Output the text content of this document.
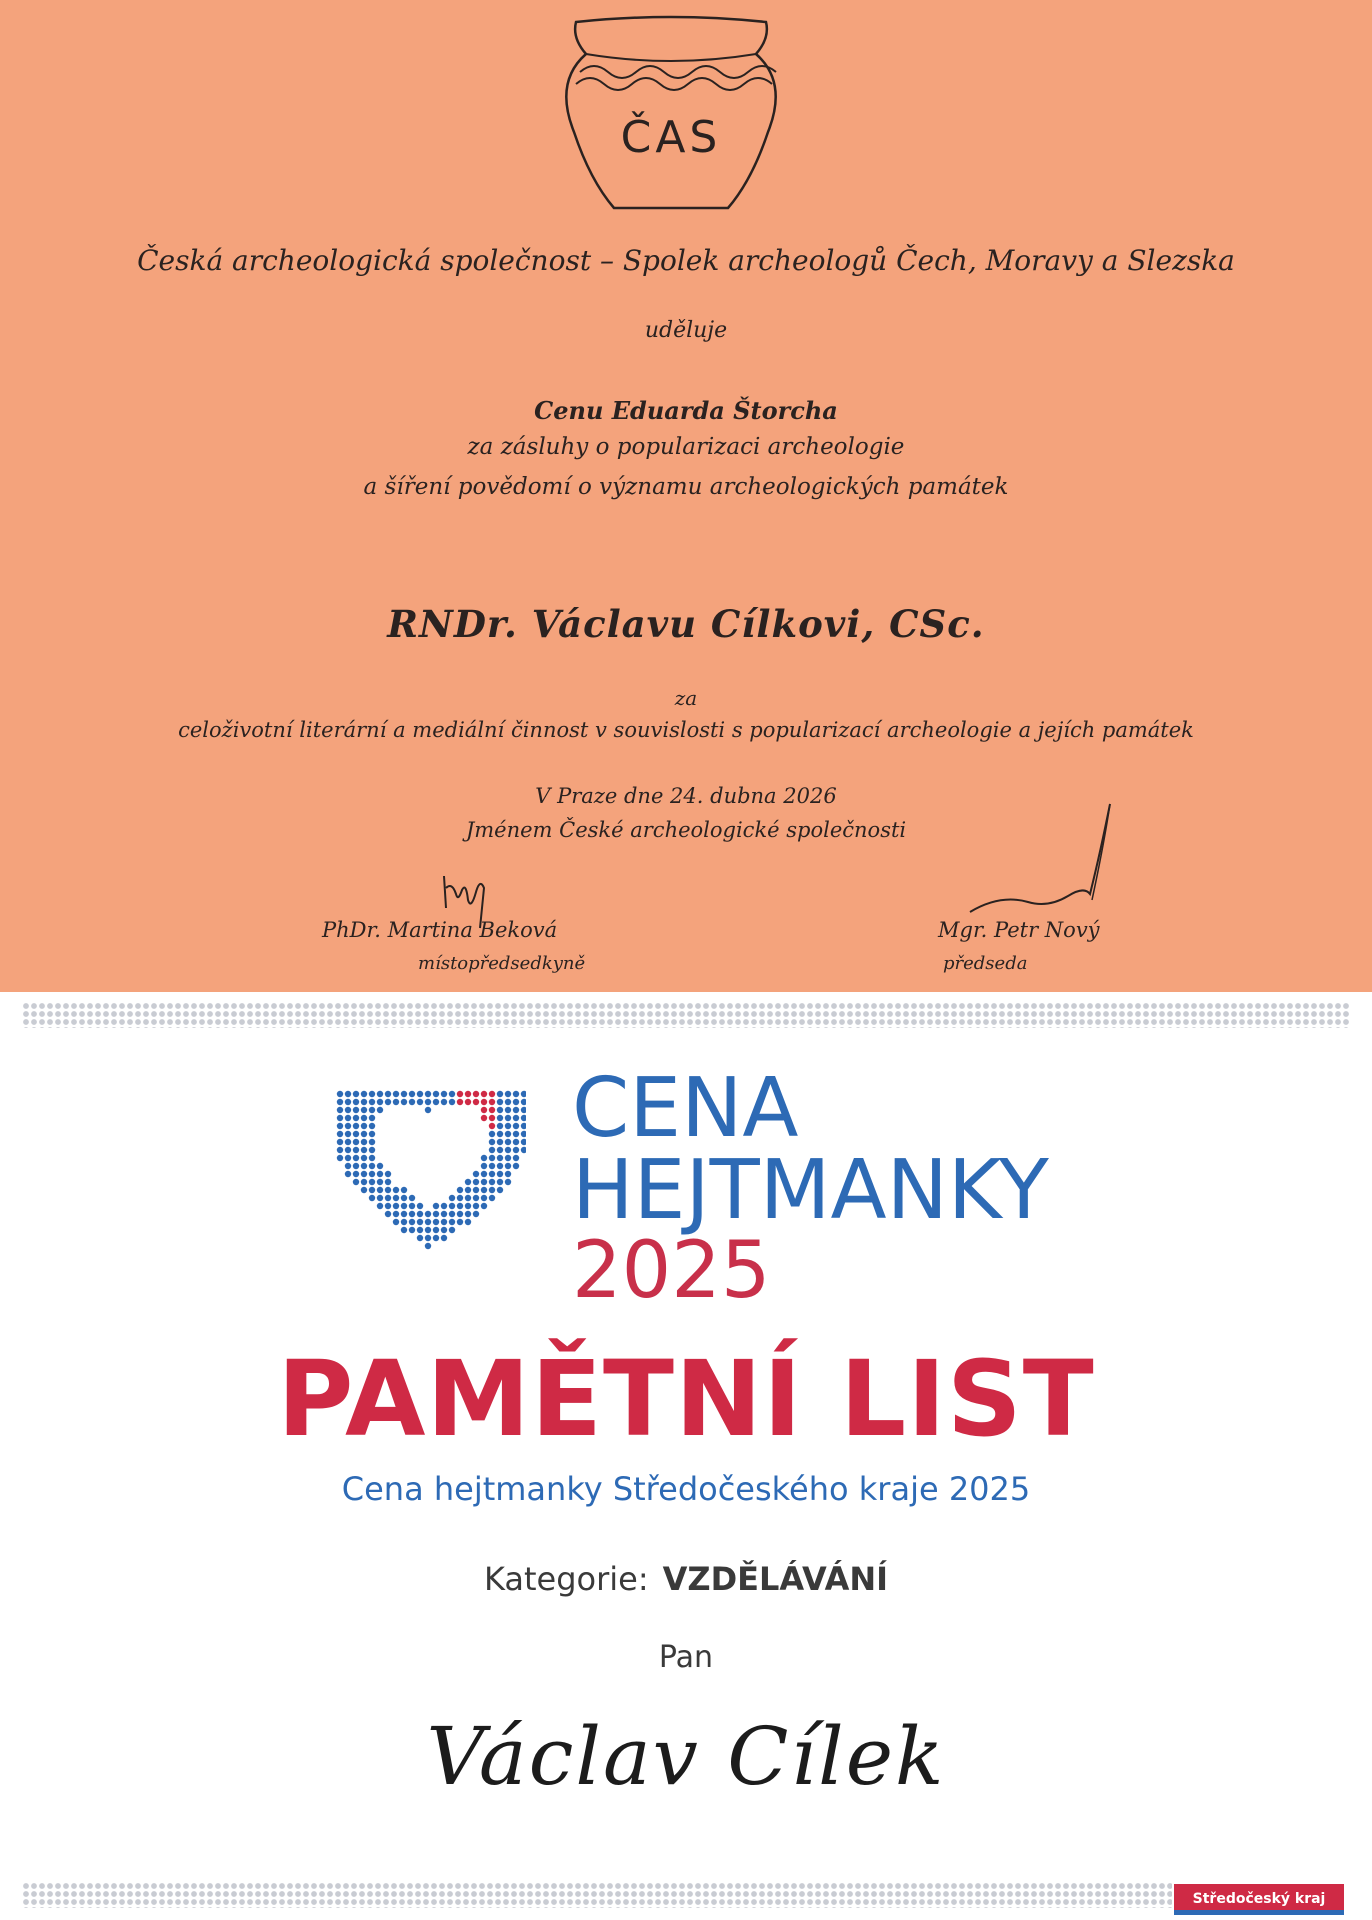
ČAS
Česká archeologická společnost – Spolek archeologů Čech, Moravy a Slezska
uděluje
Cenu Eduarda Štorcha
za zásluhy o popularizaci archeologie
a šíření povědomí o významu archeologických památek
RNDr. Václavu Cílkovi, CSc.
za
celoživotní literární a mediální činnost v souvislosti s popularizací archeologie a jejích památek
V Praze dne 24. dubna 2026
Jménem České archeologické společnosti
PhDr. Martina Beková
místopředsedkyně
Mgr. Petr Nový
předseda
CENA
HEJTMANKY
2025
PAMĚTNÍ LIST
Cena hejtmanky Středočeského kraje 2025
Kategorie: VZDĚLÁVÁNÍ
Pan
Václav Cílek
Středočeský kraj
